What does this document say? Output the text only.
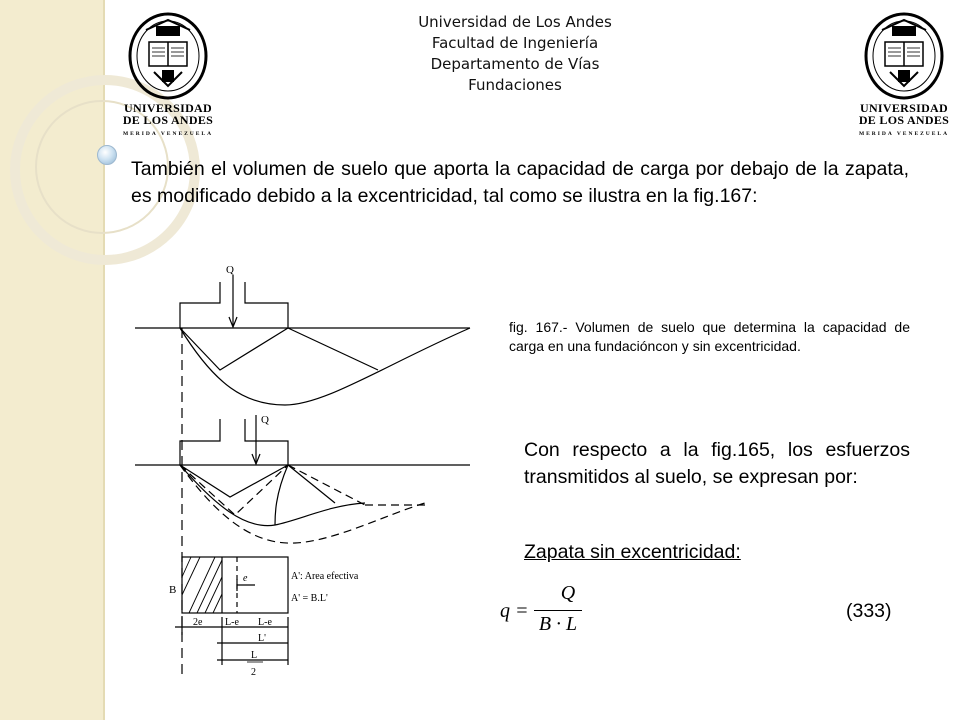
UNIVERSIDAD
DE LOS ANDES
MERIDA VENEZUELA
UNIVERSIDAD
DE LOS ANDES
MERIDA VENEZUELA
Universidad de Los Andes
Facultad de Ingeniería
Departamento de Vías
Fundaciones
También el volumen de suelo que aporta la capacidad de carga por debajo de la zapata, es modificado debido a la excentricidad, tal como se ilustra en la fig.167:
Q
Q
B
e	A': Area efectiva
A' = B.L'
2e L-e L-e
L'
L
2
fig. 167.- Volumen de suelo que determina la capacidad de carga en una fundacióncon y sin excentricidad.
Con respecto a la fig.165, los esfuerzos transmitidos al suelo, se expresan por:
Zapata sin excentricidad:
q =
Q
B · L
(333)
